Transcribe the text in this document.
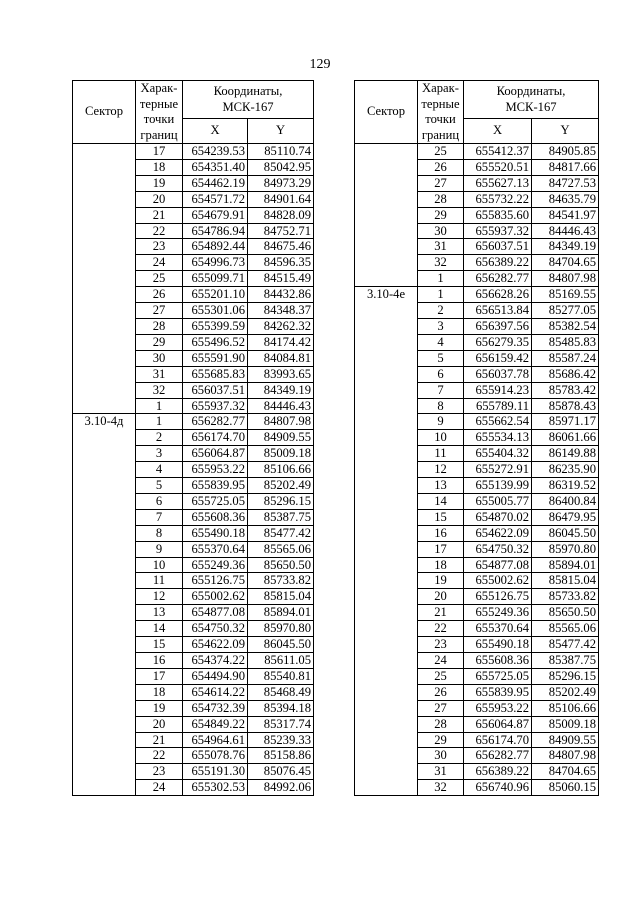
129
Сектор	Харак-
терные
точки
границ	Координаты,
МСК-167	
		X	Y
	17	654239.53	85110.74
	18	654351.40	85042.95
	19	654462.19	84973.29
	20	654571.72	84901.64
	21	654679.91	84828.09
	22	654786.94	84752.71
	23	654892.44	84675.46
	24	654996.73	84596.35
	25	655099.71	84515.49
	26	655201.10	84432.86
	27	655301.06	84348.37
	28	655399.59	84262.32
	29	655496.52	84174.42
	30	655591.90	84084.81
	31	655685.83	83993.65
	32	656037.51	84349.19
	1	655937.32	84446.43
3.10-4д	1	656282.77	84807.98
	2	656174.70	84909.55
	3	656064.87	85009.18
	4	655953.22	85106.66
	5	655839.95	85202.49
	6	655725.05	85296.15
	7	655608.36	85387.75
	8	655490.18	85477.42
	9	655370.64	85565.06
	10	655249.36	85650.50
	11	655126.75	85733.82
	12	655002.62	85815.04
	13	654877.08	85894.01
	14	654750.32	85970.80
	15	654622.09	86045.50
	16	654374.22	85611.05
	17	654494.90	85540.81
	18	654614.22	85468.49
	19	654732.39	85394.18
	20	654849.22	85317.74
	21	654964.61	85239.33
	22	655078.76	85158.86
	23	655191.30	85076.45
	24	655302.53	84992.06
Сектор	Харак-
терные
точки
границ	Координаты,
МСК-167	
		X	Y
	25	655412.37	84905.85
	26	655520.51	84817.66
	27	655627.13	84727.53
	28	655732.22	84635.79
	29	655835.60	84541.97
	30	655937.32	84446.43
	31	656037.51	84349.19
	32	656389.22	84704.65
	1	656282.77	84807.98
3.10-4е	1	656628.26	85169.55
	2	656513.84	85277.05
	3	656397.56	85382.54
	4	656279.35	85485.83
	5	656159.42	85587.24
	6	656037.78	85686.42
	7	655914.23	85783.42
	8	655789.11	85878.43
	9	655662.54	85971.17
	10	655534.13	86061.66
	11	655404.32	86149.88
	12	655272.91	86235.90
	13	655139.99	86319.52
	14	655005.77	86400.84
	15	654870.02	86479.95
	16	654622.09	86045.50
	17	654750.32	85970.80
	18	654877.08	85894.01
	19	655002.62	85815.04
	20	655126.75	85733.82
	21	655249.36	85650.50
	22	655370.64	85565.06
	23	655490.18	85477.42
	24	655608.36	85387.75
	25	655725.05	85296.15
	26	655839.95	85202.49
	27	655953.22	85106.66
	28	656064.87	85009.18
	29	656174.70	84909.55
	30	656282.77	84807.98
	31	656389.22	84704.65
	32	656740.96	85060.15
